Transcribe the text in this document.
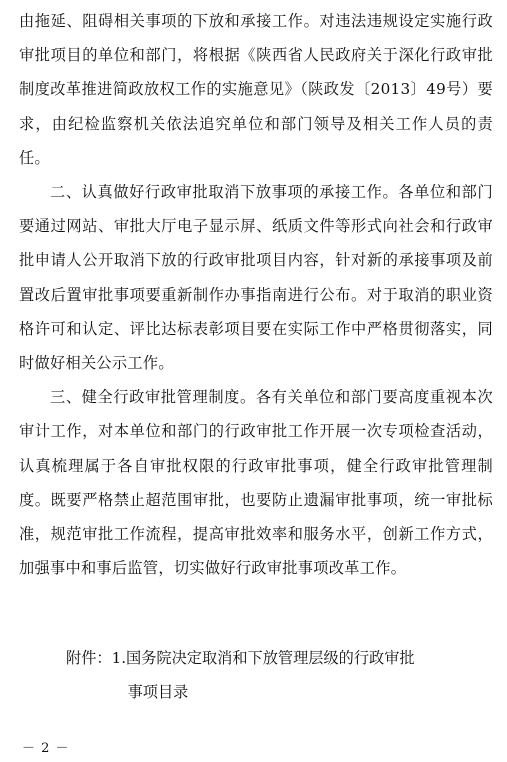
由拖延、阻碍相关事项的下放和承接工作。对违法违规设定实施行政审批项目的单位和部门，将根据《陕西省人民政府关于深化行政审批制度改革推进简政放权工作的实施意见》（陕政发〔2013〕49号）要求，由纪检监察机关依法追究单位和部门领导及相关工作人员的责任。

二、认真做好行政审批取消下放事项的承接工作。各单位和部门要通过网站、审批大厅电子显示屏、纸质文件等形式向社会和行政审批申请人公开取消下放的行政审批项目内容，针对新的承接事项及前置改后置审批事项要重新制作办事指南进行公布。对于取消的职业资格许可和认定、评比达标表彰项目要在实际工作中严格贯彻落实，同时做好相关公示工作。

三、健全行政审批管理制度。各有关单位和部门要高度重视本次审计工作，对本单位和部门的行政审批工作开展一次专项检查活动，认真梳理属于各自审批权限的行政审批事项，健全行政审批管理制度。既要严格禁止超范围审批，也要防止遗漏审批事项，统一审批标准，规范审批工作流程，提高审批效率和服务水平，创新工作方式，加强事中和事后监管，切实做好行政审批事项改革工作。

附件： 1.国务院决定取消和下放管理层级的行政审批
事项目录
－ 2 －
